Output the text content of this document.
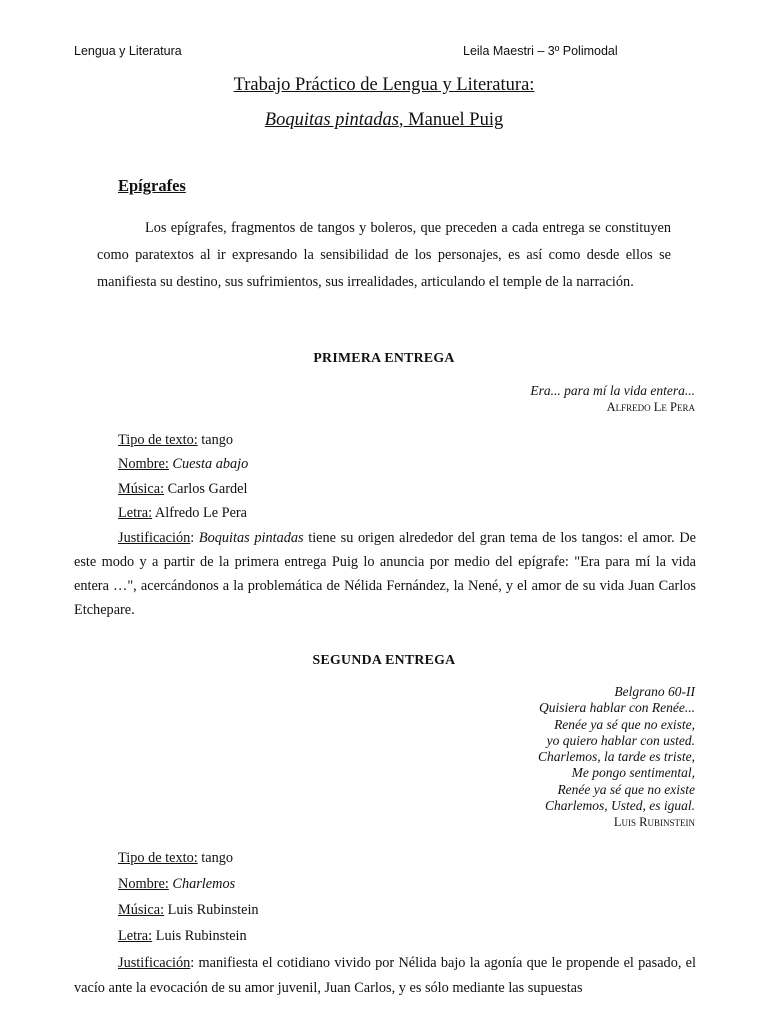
Lengua y Literatura	Leila Maestri – 3º Polimodal
Trabajo Práctico de Lengua y Literatura:
Boquitas pintadas, Manuel Puig
Epígrafes

Los epígrafes, fragmentos de tangos y boleros, que preceden a cada entrega se constituyen como paratextos al ir expresando la sensibilidad de los personajes, es así como desde ellos se manifiesta su destino, sus sufrimientos, sus irrealidades, articulando el temple de la narración.

PRIMERA ENTREGA
Era... para mí la vida entera...
Alfredo Le Pera
Tipo de texto: tango
Nombre: Cuesta abajo
Música: Carlos Gardel
Letra: Alfredo Le Pera

Justificación: Boquitas pintadas tiene su origen alrededor del gran tema de los tangos: el amor. De este modo y a partir de la primera entrega Puig lo anuncia por medio del epígrafe: "Era para mí la vida entera …", acercándonos a la problemática de Nélida Fernández, la Nené, y el amor de su vida Juan Carlos Etchepare.

SEGUNDA ENTREGA
Belgrano 60-II
Quisiera hablar con Renée...
Renée ya sé que no existe,
yo quiero hablar con usted.
Charlemos, la tarde es triste,
Me pongo sentimental,
Renée ya sé que no existe
Charlemos, Usted, es igual.
Luis Rubinstein
Tipo de texto: tango
Nombre: Charlemos
Música: Luis Rubinstein
Letra: Luis Rubinstein

Justificación: manifiesta el cotidiano vivido por Nélida bajo la agonía que le propende el pasado, el vacío ante la evocación de su amor juvenil, Juan Carlos, y es sólo mediante las supuestas
